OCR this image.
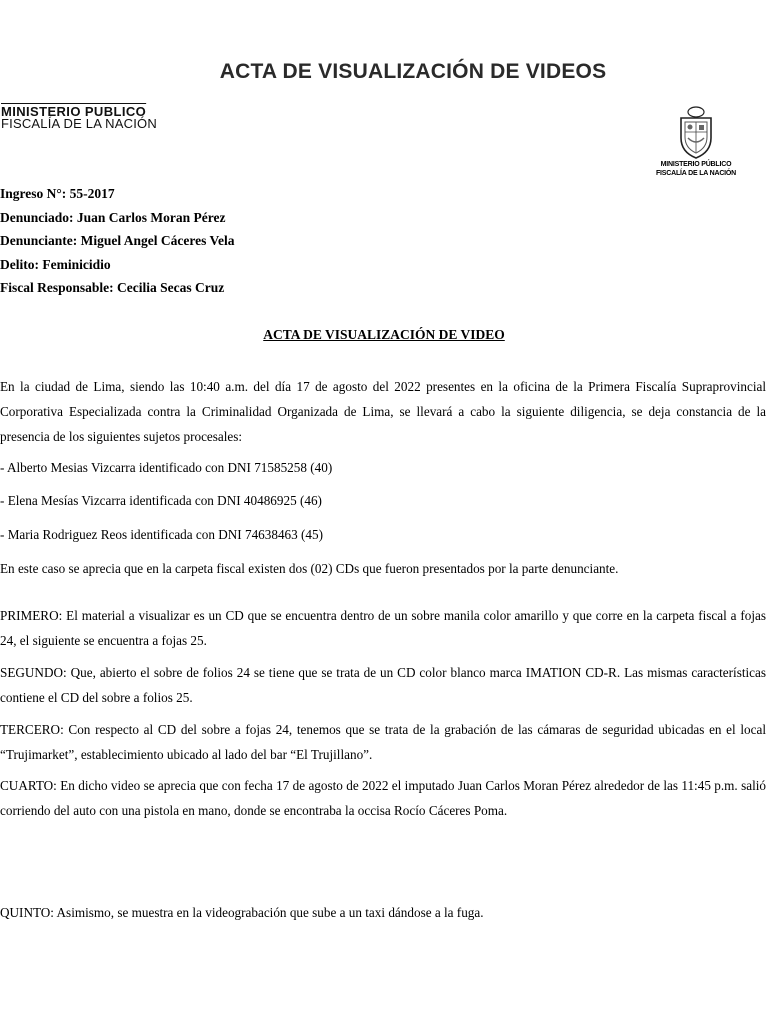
ACTA DE VISUALIZACIÓN DE VIDEOS
MINISTERIO PUBLICO
FISCALÍA DE LA NACIÓN
MINISTERIO PÚBLICO
FISCALÍA DE LA NACIÓN
Ingreso N°: 55-2017
Denunciado: Juan Carlos Moran Pérez
Denunciante: Miguel Angel Cáceres Vela
Delito: Feminicidio
Fiscal Responsable: Cecilia Secas Cruz
ACTA DE VISUALIZACIÓN DE VIDEO
En la ciudad de Lima, siendo las 10:40 a.m. del día 17 de agosto del 2022 presentes en la oficina de la Primera Fiscalía Supraprovincial Corporativa Especializada contra la Criminalidad Organizada de Lima, se llevará a cabo la siguiente diligencia, se deja constancia de la presencia de los siguientes sujetos procesales:
- Alberto Mesias Vizcarra identificado con DNI 71585258 (40)
- Elena Mesías Vizcarra identificada con DNI 40486925 (46)
- Maria Rodriguez Reos identificada con DNI 74638463 (45)
En este caso se aprecia que en la carpeta fiscal existen dos (02) CDs que fueron presentados por la parte denunciante.
PRIMERO: El material a visualizar es un CD que se encuentra dentro de un sobre manila color amarillo y que corre en la carpeta fiscal a fojas 24, el siguiente se encuentra a fojas 25.
SEGUNDO: Que, abierto el sobre de folios 24 se tiene que se trata de un CD color blanco marca IMATION CD-R. Las mismas características contiene el CD del sobre a folios 25.
TERCERO: Con respecto al CD del sobre a fojas 24, tenemos que se trata de la grabación de las cámaras de seguridad ubicadas en el local “Trujimarket”, establecimiento ubicado al lado del bar “El Trujillano”.
CUARTO: En dicho video se aprecia que con fecha 17 de agosto de 2022 el imputado Juan Carlos Moran Pérez alrededor de las 11:45 p.m. salió corriendo del auto con una pistola en mano, donde se encontraba la occisa Rocío Cáceres Poma.
QUINTO: Asimismo, se muestra en la videograbación que sube a un taxi dándose a la fuga.
